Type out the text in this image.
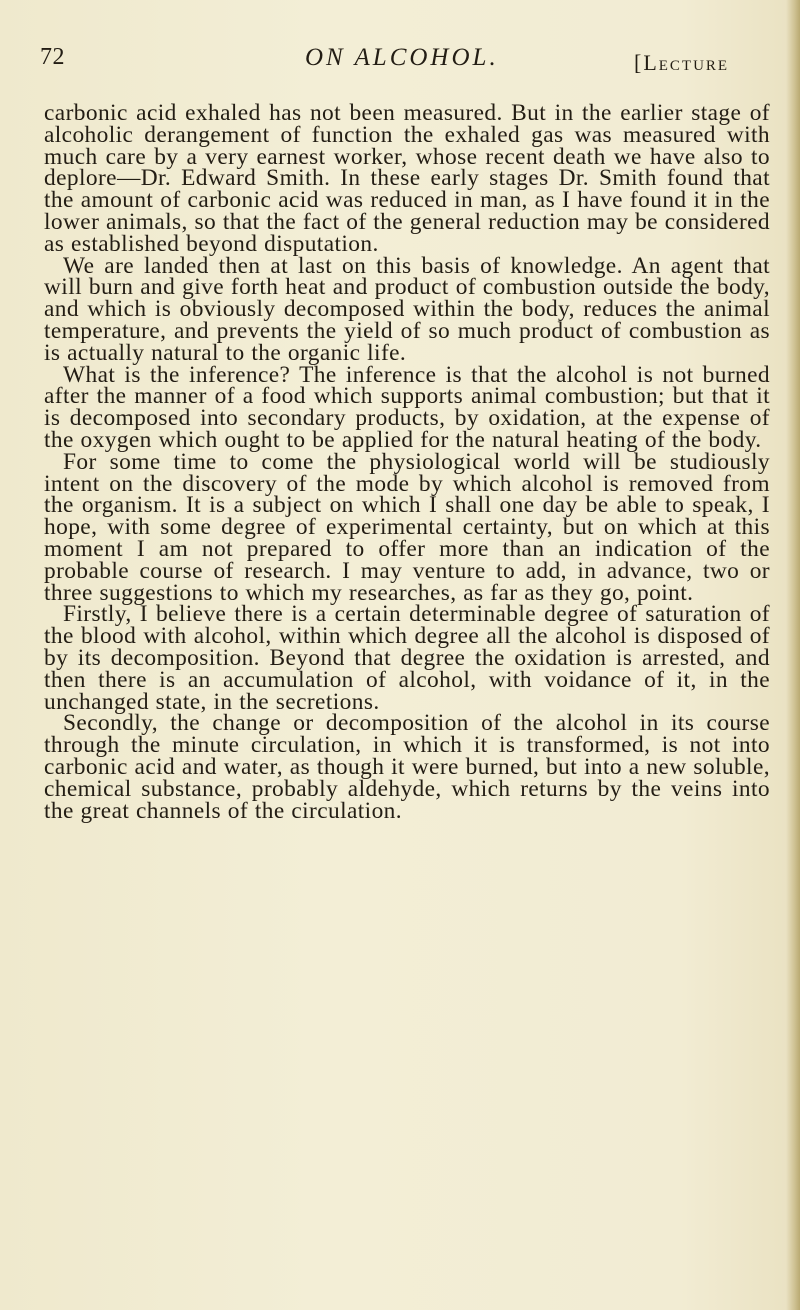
72	ON ALCOHOL.	[Lecture

carbonic acid exhaled has not been measured. But in the earlier stage of alcoholic derangement of function the exhaled gas was measured with much care by a very earnest worker, whose recent death we have also to deplore—Dr. Edward Smith. In these early stages Dr. Smith found that the amount of carbonic acid was reduced in man, as I have found it in the lower animals, so that the fact of the general reduction may be considered as established beyond disputation.

We are landed then at last on this basis of knowledge. An agent that will burn and give forth heat and product of combustion outside the body, and which is obviously decomposed within the body, reduces the animal temperature, and prevents the yield of so much product of combustion as is actually natural to the organic life.

What is the inference? The inference is that the alcohol is not burned after the manner of a food which supports animal combustion; but that it is decomposed into secondary products, by oxidation, at the expense of the oxygen which ought to be applied for the natural heating of the body.

For some time to come the physiological world will be studiously intent on the discovery of the mode by which alcohol is removed from the organism. It is a subject on which I shall one day be able to speak, I hope, with some degree of experimental certainty, but on which at this moment I am not prepared to offer more than an indication of the probable course of research. I may venture to add, in advance, two or three suggestions to which my researches, as far as they go, point.

Firstly, I believe there is a certain determinable degree of saturation of the blood with alcohol, within which degree all the alcohol is disposed of by its decomposition. Beyond that degree the oxidation is arrested, and then there is an accumulation of alcohol, with voidance of it, in the unchanged state, in the secretions.

Secondly, the change or decomposition of the alcohol in its course through the minute circulation, in which it is transformed, is not into carbonic acid and water, as though it were burned, but into a new soluble, chemical substance, probably aldehyde, which returns by the veins into the great channels of the circulation.
